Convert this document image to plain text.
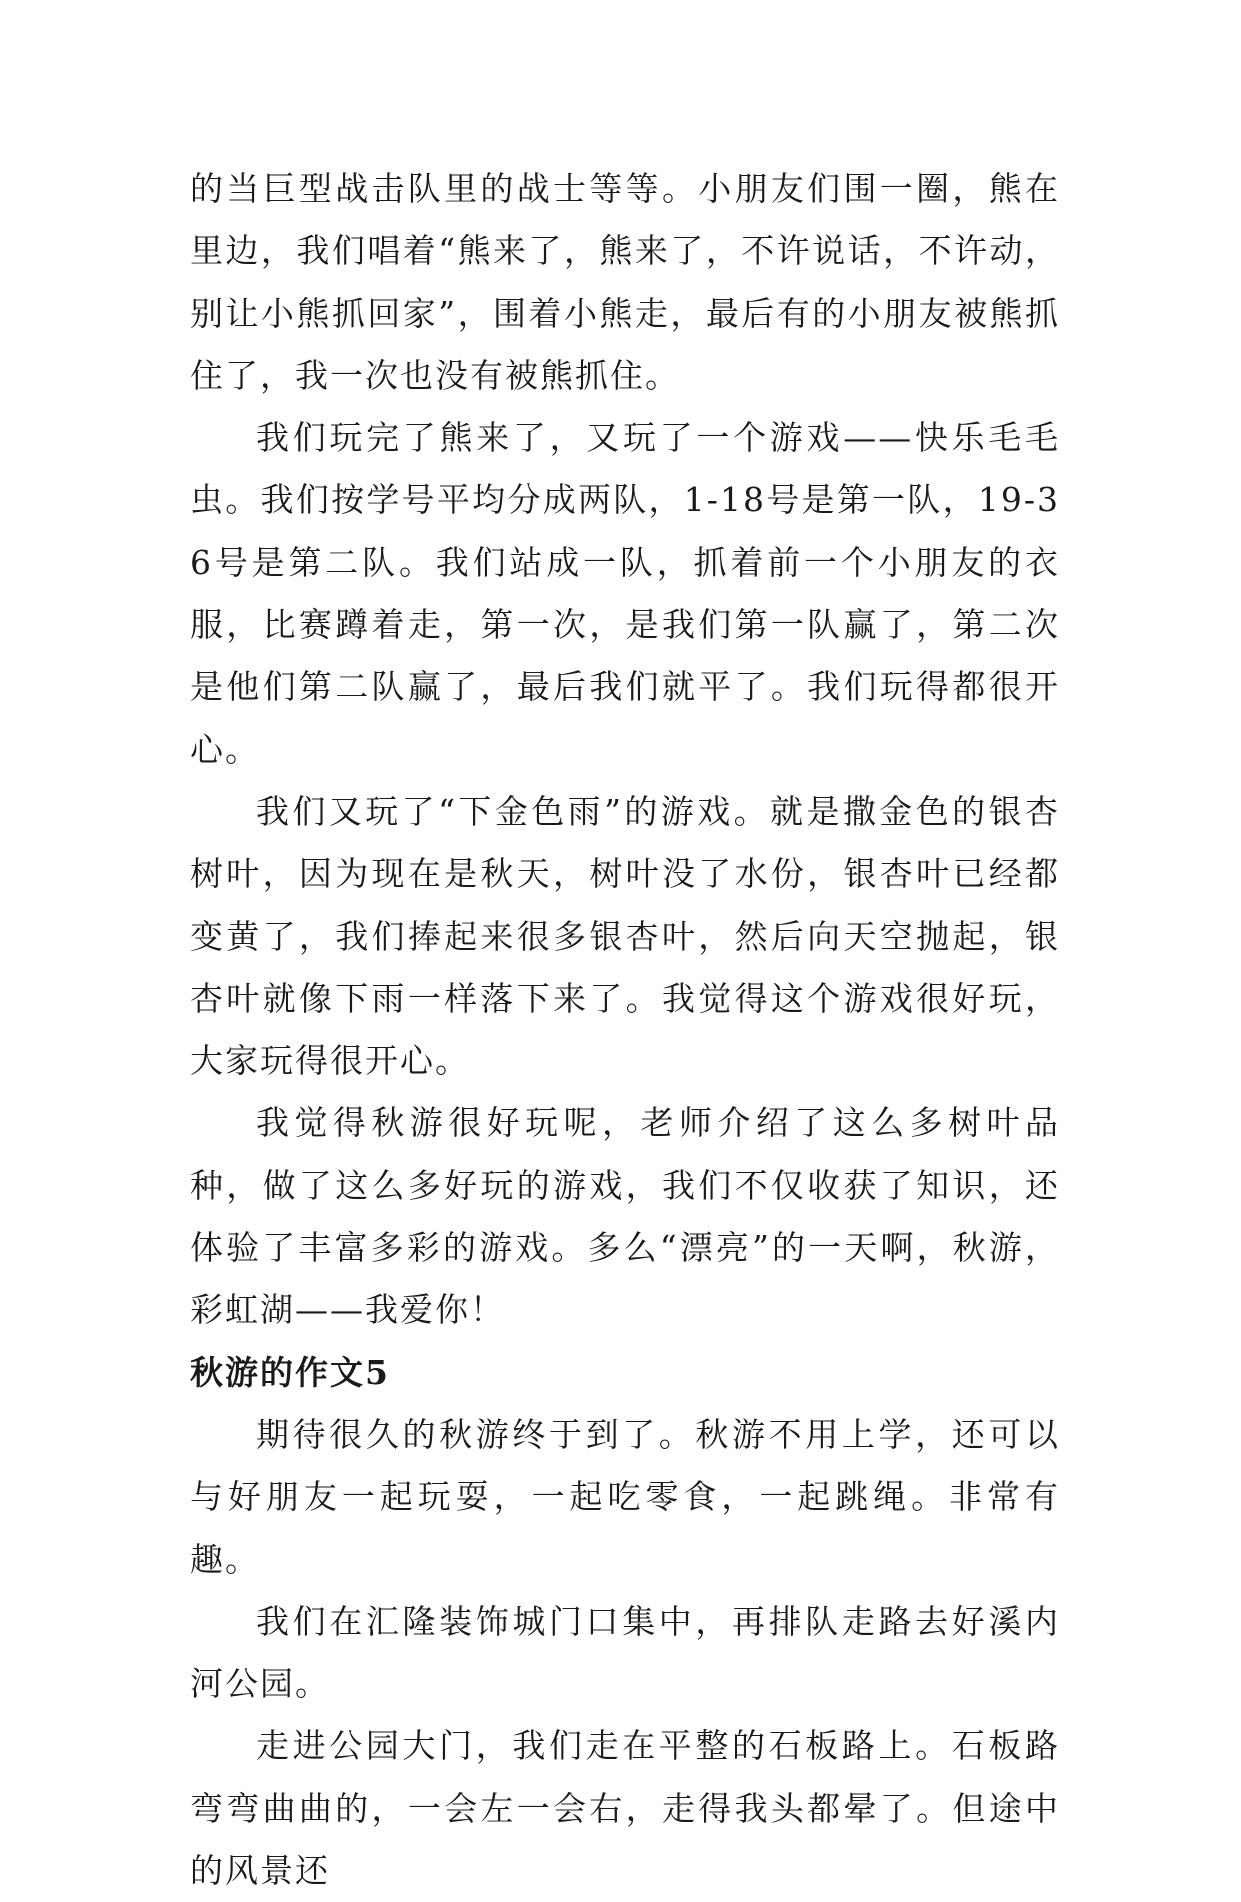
的当巨型战击队里的战士等等。小朋友们围一圈，熊在里边，我们唱着“熊来了，熊来了，不许说话，不许动，别让小熊抓回家”，围着小熊走，最后有的小朋友被熊抓住了，我一次也没有被熊抓住。

我们玩完了熊来了，又玩了一个游戏——快乐毛毛虫。我们按学号平均分成两队，1-18号是第一队，19-36号是第二队。我们站成一队，抓着前一个小朋友的衣服，比赛蹲着走，第一次，是我们第一队赢了，第二次是他们第二队赢了，最后我们就平了。我们玩得都很开心。

我们又玩了“下金色雨”的游戏。就是撒金色的银杏树叶，因为现在是秋天，树叶没了水份，银杏叶已经都变黄了，我们捧起来很多银杏叶，然后向天空抛起，银杏叶就像下雨一样落下来了。我觉得这个游戏很好玩，大家玩得很开心。

我觉得秋游很好玩呢，老师介绍了这么多树叶品种，做了这么多好玩的游戏，我们不仅收获了知识，还体验了丰富多彩的游戏。多么“漂亮”的一天啊，秋游，彩虹湖——我爱你！

秋游的作文5

期待很久的秋游终于到了。秋游不用上学，还可以与好朋友一起玩耍，一起吃零食，一起跳绳。非常有趣。

我们在汇隆装饰城门口集中，再排队走路去好溪内河公园。

走进公园大门，我们走在平整的石板路上。石板路弯弯曲曲的，一会左一会右，走得我头都晕了。但途中的风景还
